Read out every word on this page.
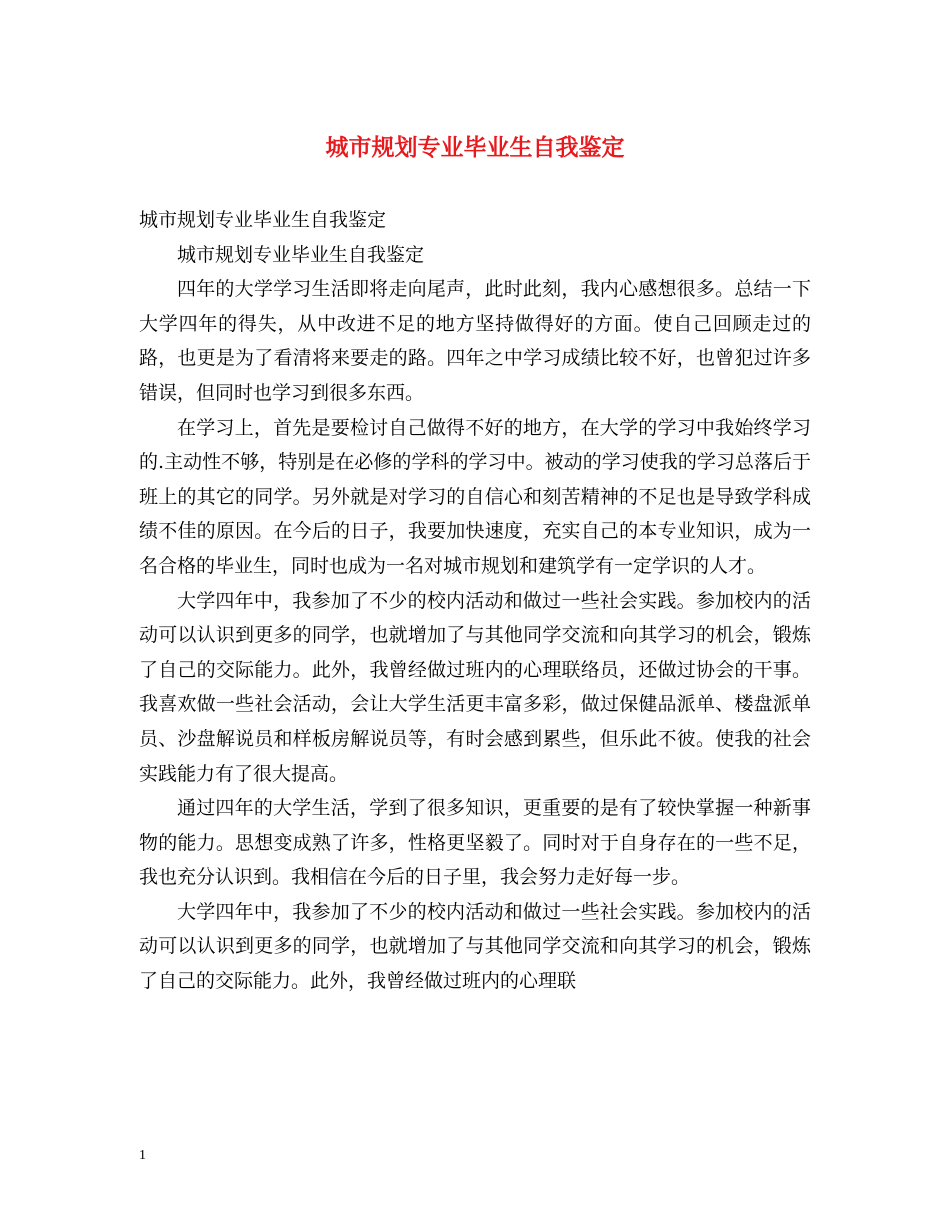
城市规划专业毕业生自我鉴定

城市规划专业毕业生自我鉴定

城市规划专业毕业生自我鉴定

四年的大学学习生活即将走向尾声，此时此刻，我内心感想很多。总结一下大学四年的得失，从中改进不足的地方坚持做得好的方面。使自己回顾走过的路，也更是为了看清将来要走的路。四年之中学习成绩比较不好，也曾犯过许多错误，但同时也学习到很多东西。

在学习上，首先是要检讨自己做得不好的地方，在大学的学习中我始终学习的.主动性不够，特别是在必修的学科的学习中。被动的学习使我的学习总落后于班上的其它的同学。另外就是对学习的自信心和刻苦精神的不足也是导致学科成绩不佳的原因。在今后的日子，我要加快速度，充实自己的本专业知识，成为一名合格的毕业生，同时也成为一名对城市规划和建筑学有一定学识的人才。

大学四年中，我参加了不少的校内活动和做过一些社会实践。参加校内的活动可以认识到更多的同学，也就增加了与其他同学交流和向其学习的机会，锻炼了自己的交际能力。此外，我曾经做过班内的心理联络员，还做过协会的干事。我喜欢做一些社会活动，会让大学生活更丰富多彩，做过保健品派单、楼盘派单员、沙盘解说员和样板房解说员等，有时会感到累些，但乐此不彼。使我的社会实践能力有了很大提高。

通过四年的大学生活，学到了很多知识，更重要的是有了较快掌握一种新事物的能力。思想变成熟了许多，性格更坚毅了。同时对于自身存在的一些不足，我也充分认识到。我相信在今后的日子里，我会努力走好每一步。

大学四年中，我参加了不少的校内活动和做过一些社会实践。参加校内的活动可以认识到更多的同学，也就增加了与其他同学交流和向其学习的机会，锻炼了自己的交际能力。此外，我曾经做过班内的心理联

1
